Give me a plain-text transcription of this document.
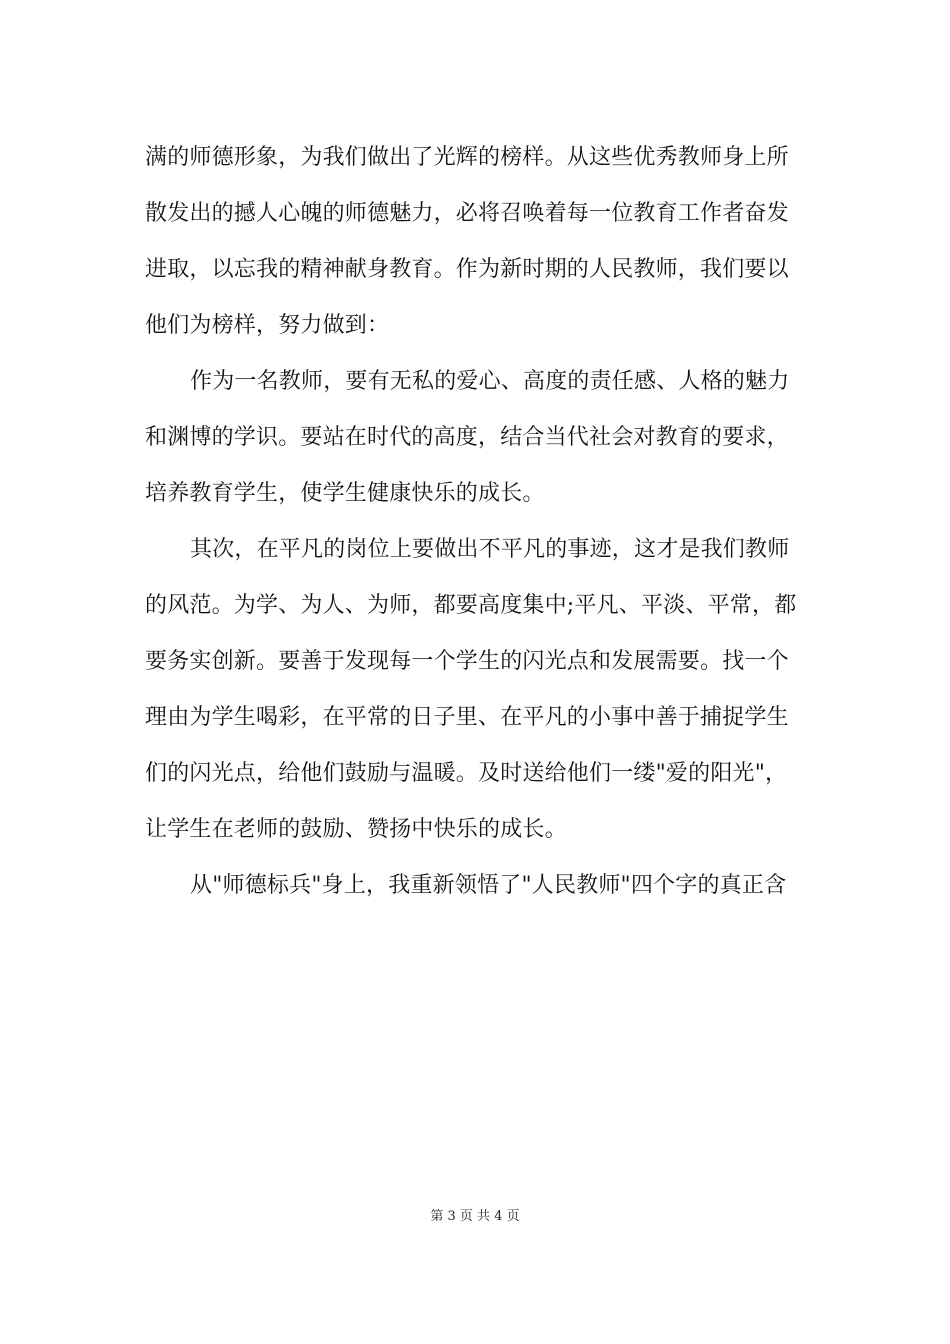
满的师德形象，为我们做出了光辉的榜样。从这些优秀教师身上所
散发出的撼人心魄的师德魅力，必将召唤着每一位教育工作者奋发
进取，以忘我的精神献身教育。作为新时期的人民教师，我们要以
他们为榜样，努力做到：
作为一名教师，要有无私的爱心、高度的责任感、人格的魅力
和渊博的学识。要站在时代的高度，结合当代社会对教育的要求，
培养教育学生，使学生健康快乐的成长。
其次，在平凡的岗位上要做出不平凡的事迹，这才是我们教师
的风范。为学、为人、为师，都要高度集中;平凡、平淡、平常，都
要务实创新。要善于发现每一个学生的闪光点和发展需要。找一个
理由为学生喝彩，在平常的日子里、在平凡的小事中善于捕捉学生
们的闪光点，给他们鼓励与温暖。及时送给他们一缕"爱的阳光"，
让学生在老师的鼓励、赞扬中快乐的成长。
从"师德标兵"身上，我重新领悟了"人民教师"四个字的真正含
第 3 页 共 4 页
